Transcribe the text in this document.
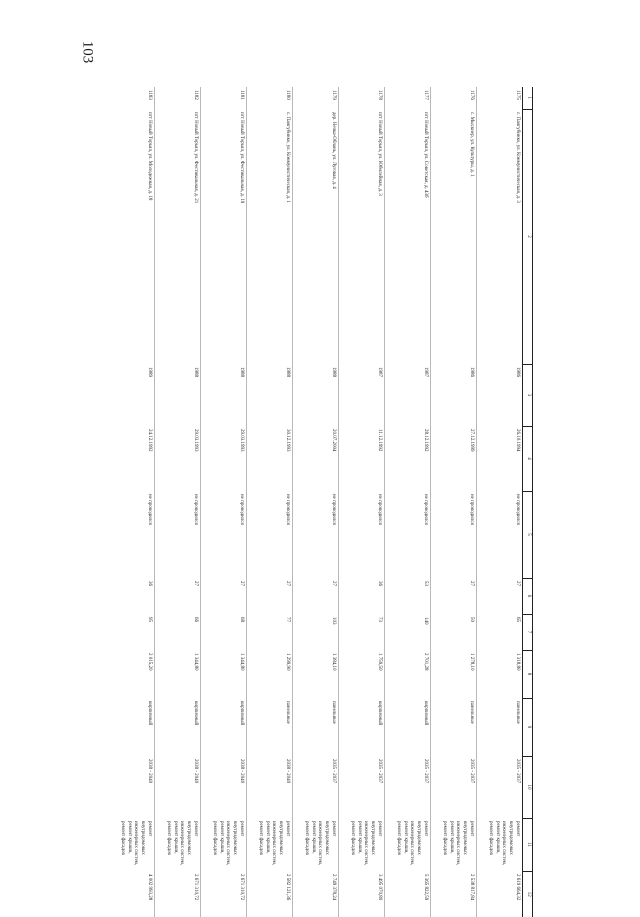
103
1	2	3	4	5	6	7	8	9	10	11	12
1175	с. Пангубинко, ул. Коммунистическая, д. 3	1986	26.10.1994	не проводился	27	65	1 318,80	панельные	2035 - 2037	ремонт внутридомовых инженерных систем, ремонт крыши, ремонт фасадов	2 619 664,32
1176	с. Мыскиер, ул. Культуры, д. 1	1986	27.12.1999	не проводился	27	50	1 278,10	панельные	2035 - 2037	ремонт внутридомовых инженерных систем, ремонт крыши, ремонт фасадов	2 538 817,84
1177	пгт Новый Торъял, ул. Советская, д. 43б	1987	28.12.1992	не проводился	53	140	2 701,28	кирпичный	2035 - 2037	ремонт внутридомовых инженерных систем, ремонт крыши, ремонт фасадов	5 365 822,59
1178	пгт Новый Торъял, ул. Юбилейная, д. 3	1987	11.12.1992	не проводился	36	73	1 759,50	кирпичный	2035 - 2037	ремонт внутридомовых инженерных систем, ремонт крыши, ремонт фасадов	3 495 070,80
1179	дер. Нечка-Облань, ул. Луговая, д. 4	1988	20.07.2004	не проводился	27	103	1 384,10	панельные	2035 - 2037	ремонт внутридомовых инженерных систем, ремонт крыши, ремонт фасадов	2 749 378,24
1180	с. Пангубинко, ул. Коммунистическая, д. 1	1988	30.12.1993	не проводился	27	77	1 299,90	панельные	2038 - 2040	ремонт внутридомовых инженерных систем, ремонт крыши, ремонт фасадов	2 582 121,36
1181	пгт Новый Торъял, ул. Фестивальная, д. 19	1988	29.03.1993	не проводился	27	68	1 344,80	кирпичный	2038 - 2040	ремонт внутридомовых инженерных систем, ремонт крыши, ремонт фасадов	2 671 310,72
1182	пгт Новый Торъял, ул. Фестивальная, д. 21	1988	29.03.1993	не проводился	27	66	1 344,80	кирпичный	2038 - 2040	ремонт внутридомовых инженерных систем, ремонт крыши, ремонт фасадов	2 671 310,72
1183	пгт Новый Торъял, ул. Молодежная, д. 18	1989	24.12.1992	не проводился	36	95	2 015,20	кирпичный	2038 - 2040	ремонт внутридомовых инженерных систем, ремонт крыши, ремонт фасадов	4 002 993,28
